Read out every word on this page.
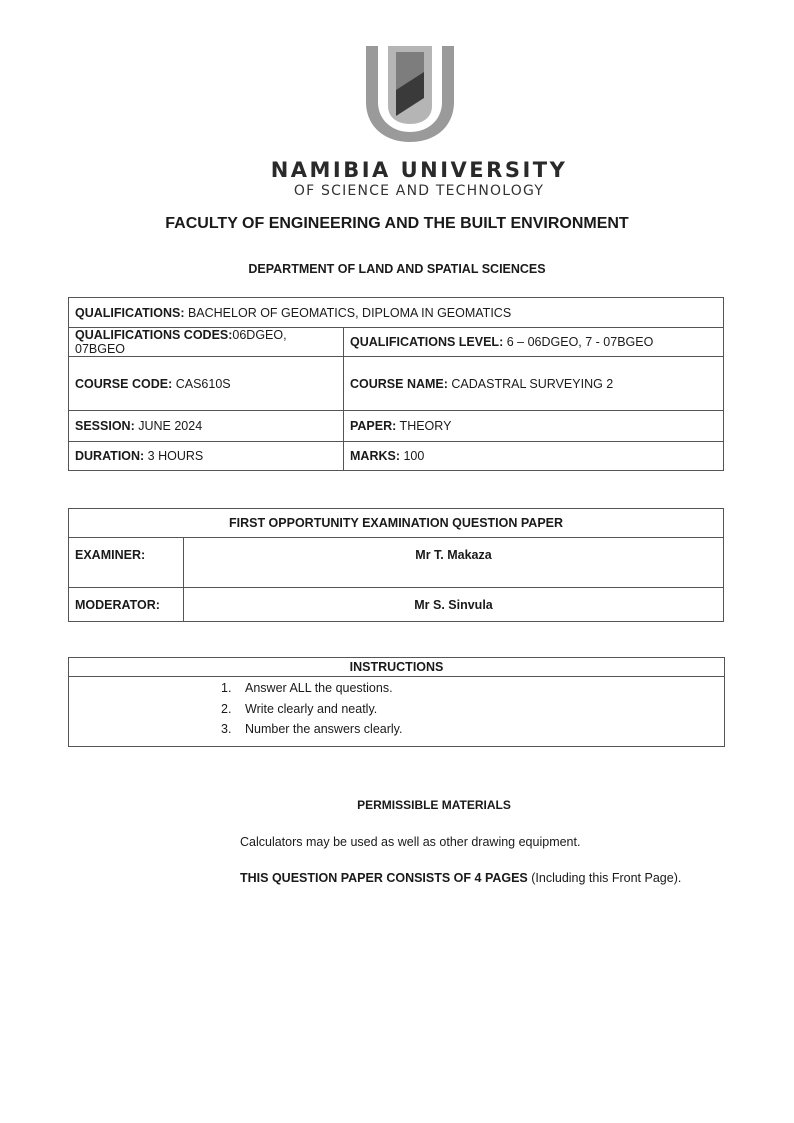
NAMIBIA UNIVERSITY
OF SCIENCE AND TECHNOLOGY
FACULTY OF ENGINEERING AND THE BUILT ENVIRONMENT
DEPARTMENT OF LAND AND SPATIAL SCIENCES
QUALIFICATIONS: BACHELOR OF GEOMATICS, DIPLOMA IN GEOMATICS	
QUALIFICATIONS CODES:06DGEO, 07BGEO	QUALIFICATIONS LEVEL: 6 – 06DGEO, 7 - 07BGEO
COURSE CODE: CAS610S	COURSE NAME: CADASTRAL SURVEYING 2
SESSION: JUNE 2024	PAPER: THEORY
DURATION: 3 HOURS	MARKS: 100
FIRST OPPORTUNITY EXAMINATION QUESTION PAPER	
EXAMINER:	Mr T. Makaza
MODERATOR:	Mr S. Sinvula
INSTRUCTIONS
1. Answer ALL the questions.
2. Write clearly and neatly.
3. Number the answers clearly.
PERMISSIBLE MATERIALS
Calculators may be used as well as other drawing equipment.
THIS QUESTION PAPER CONSISTS OF 4 PAGES (Including this Front Page).
